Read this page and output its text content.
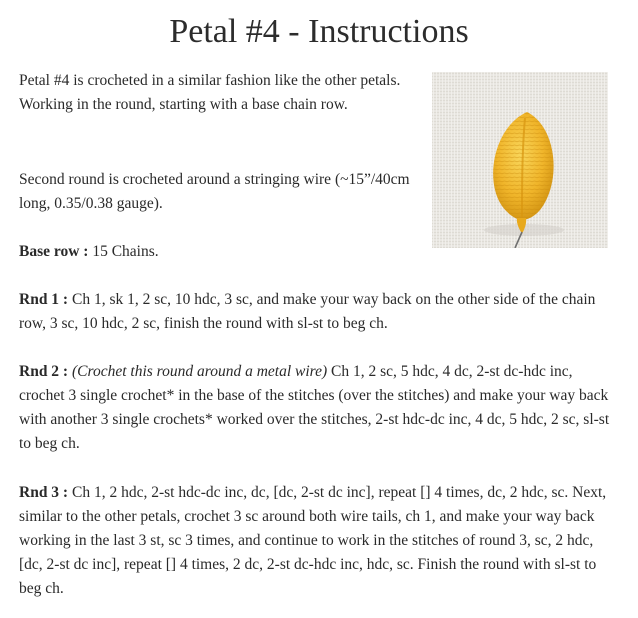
Petal #4 - Instructions

Petal #4 is crocheted in a similar fashion like the other petals. Working in the round, starting with a base chain row.

Second round is crocheted around a stringing wire (~15”/40cm long, 0.35/0.38 gauge).

Base row : 15 Chains.

Rnd 1 : Ch 1, sk 1, 2 sc, 10 hdc, 3 sc, and make your way back on the other side of the chain row, 3 sc, 10 hdc, 2 sc, finish the round with sl-st to beg ch.

Rnd 2 : (Crochet this round around a metal wire) Ch 1, 2 sc, 5 hdc, 4 dc, 2-st dc-hdc inc, crochet 3 single crochet* in the base of the stitches (over the stitches) and make your way back with another 3 single crochets* worked over the stitches, 2-st hdc-dc inc, 4 dc, 5 hdc, 2 sc, sl-st to beg ch.

Rnd 3 : Ch 1, 2 hdc, 2-st hdc-dc inc, dc, [dc, 2-st dc inc], repeat [] 4 times, dc, 2 hdc, sc. Next, similar to the other petals, crochet 3 sc around both wire tails, ch 1, and make your way back working in the last 3 st, sc 3 times, and continue to work in the stitches of round 3, sc, 2 hdc, [dc, 2-st dc inc], repeat [] 4 times, 2 dc, 2-st dc-hdc inc, hdc, sc. Finish the round with sl-st to beg ch.
